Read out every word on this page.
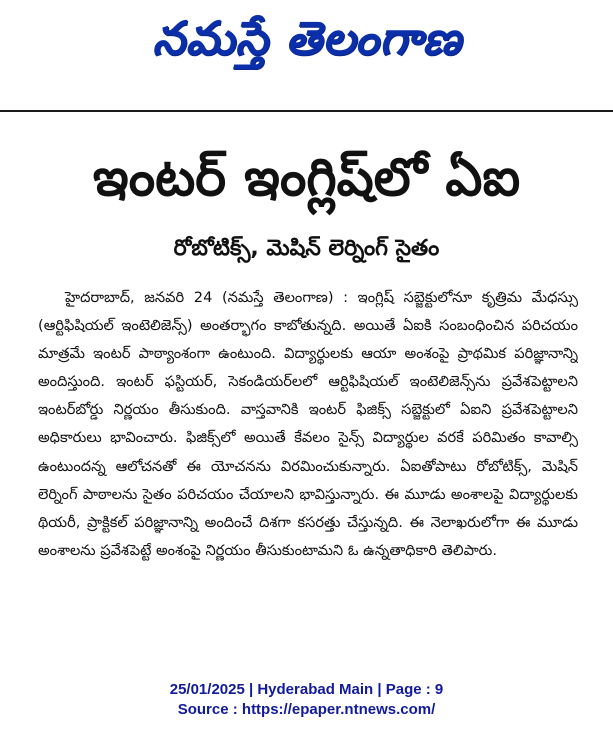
నమస్తే తెలంగాణ
ఇంటర్ ఇంగ్లిష్‌లో ఏఐ
రోబోటిక్స్, మెషిన్ లెర్నింగ్ సైతం
హైదరాబాద్, జనవరి 24 (నమస్తే తెలంగాణ) : ఇంగ్లిష్ సబ్జెక్టులోనూ కృత్రిమ మేధస్సు (ఆర్టిఫిషియల్ ఇంటెలిజెన్స్) అంతర్భాగం కాబోతున్నది. అయితే ఏఐకి సంబంధించిన పరిచయం మాత్రమే ఇంటర్ పాఠ్యాంశంగా ఉంటుంది. విద్యార్థులకు ఆయా అంశంపై ప్రాథమిక పరిజ్ఞానాన్ని అందిస్తుంది. ఇంటర్ ఫస్టియర్, సెకండియర్‌లలో ఆర్టిఫిషియల్ ఇంటెలిజెన్స్‌ను ప్రవేశపెట్టాలని ఇంటర్‌బోర్డు నిర్ణయం తీసుకుంది. వాస్తవానికి ఇంటర్ ఫిజిక్స్ సబ్జెక్టులో ఏఐని ప్రవేశపెట్టాలని అధికారులు భావించారు. ఫిజిక్స్‌లో అయితే కేవలం సైన్స్ విద్యార్థుల వరకే పరిమితం కావాల్సి ఉంటుందన్న ఆలోచనతో ఈ యోచనను విరమించుకున్నారు. ఏఐతోపాటు రోబోటిక్స్, మెషిన్ లెర్నింగ్ పాఠాలను సైతం పరిచయం చేయాలని భావిస్తున్నారు. ఈ మూడు అంశాలపై విద్యార్థులకు థియరీ, ప్రాక్టికల్ పరిజ్ఞానాన్ని అందించే దిశగా కసరత్తు చేస్తున్నది. ఈ నెలాఖరులోగా ఈ మూడు అంశాలను ప్రవేశపెట్టే అంశంపై నిర్ణయం తీసుకుంటామని ఓ ఉన్నతాధికారి తెలిపారు.
25/01/2025 | Hyderabad Main | Page : 9
Source : https://epaper.ntnews.com/
